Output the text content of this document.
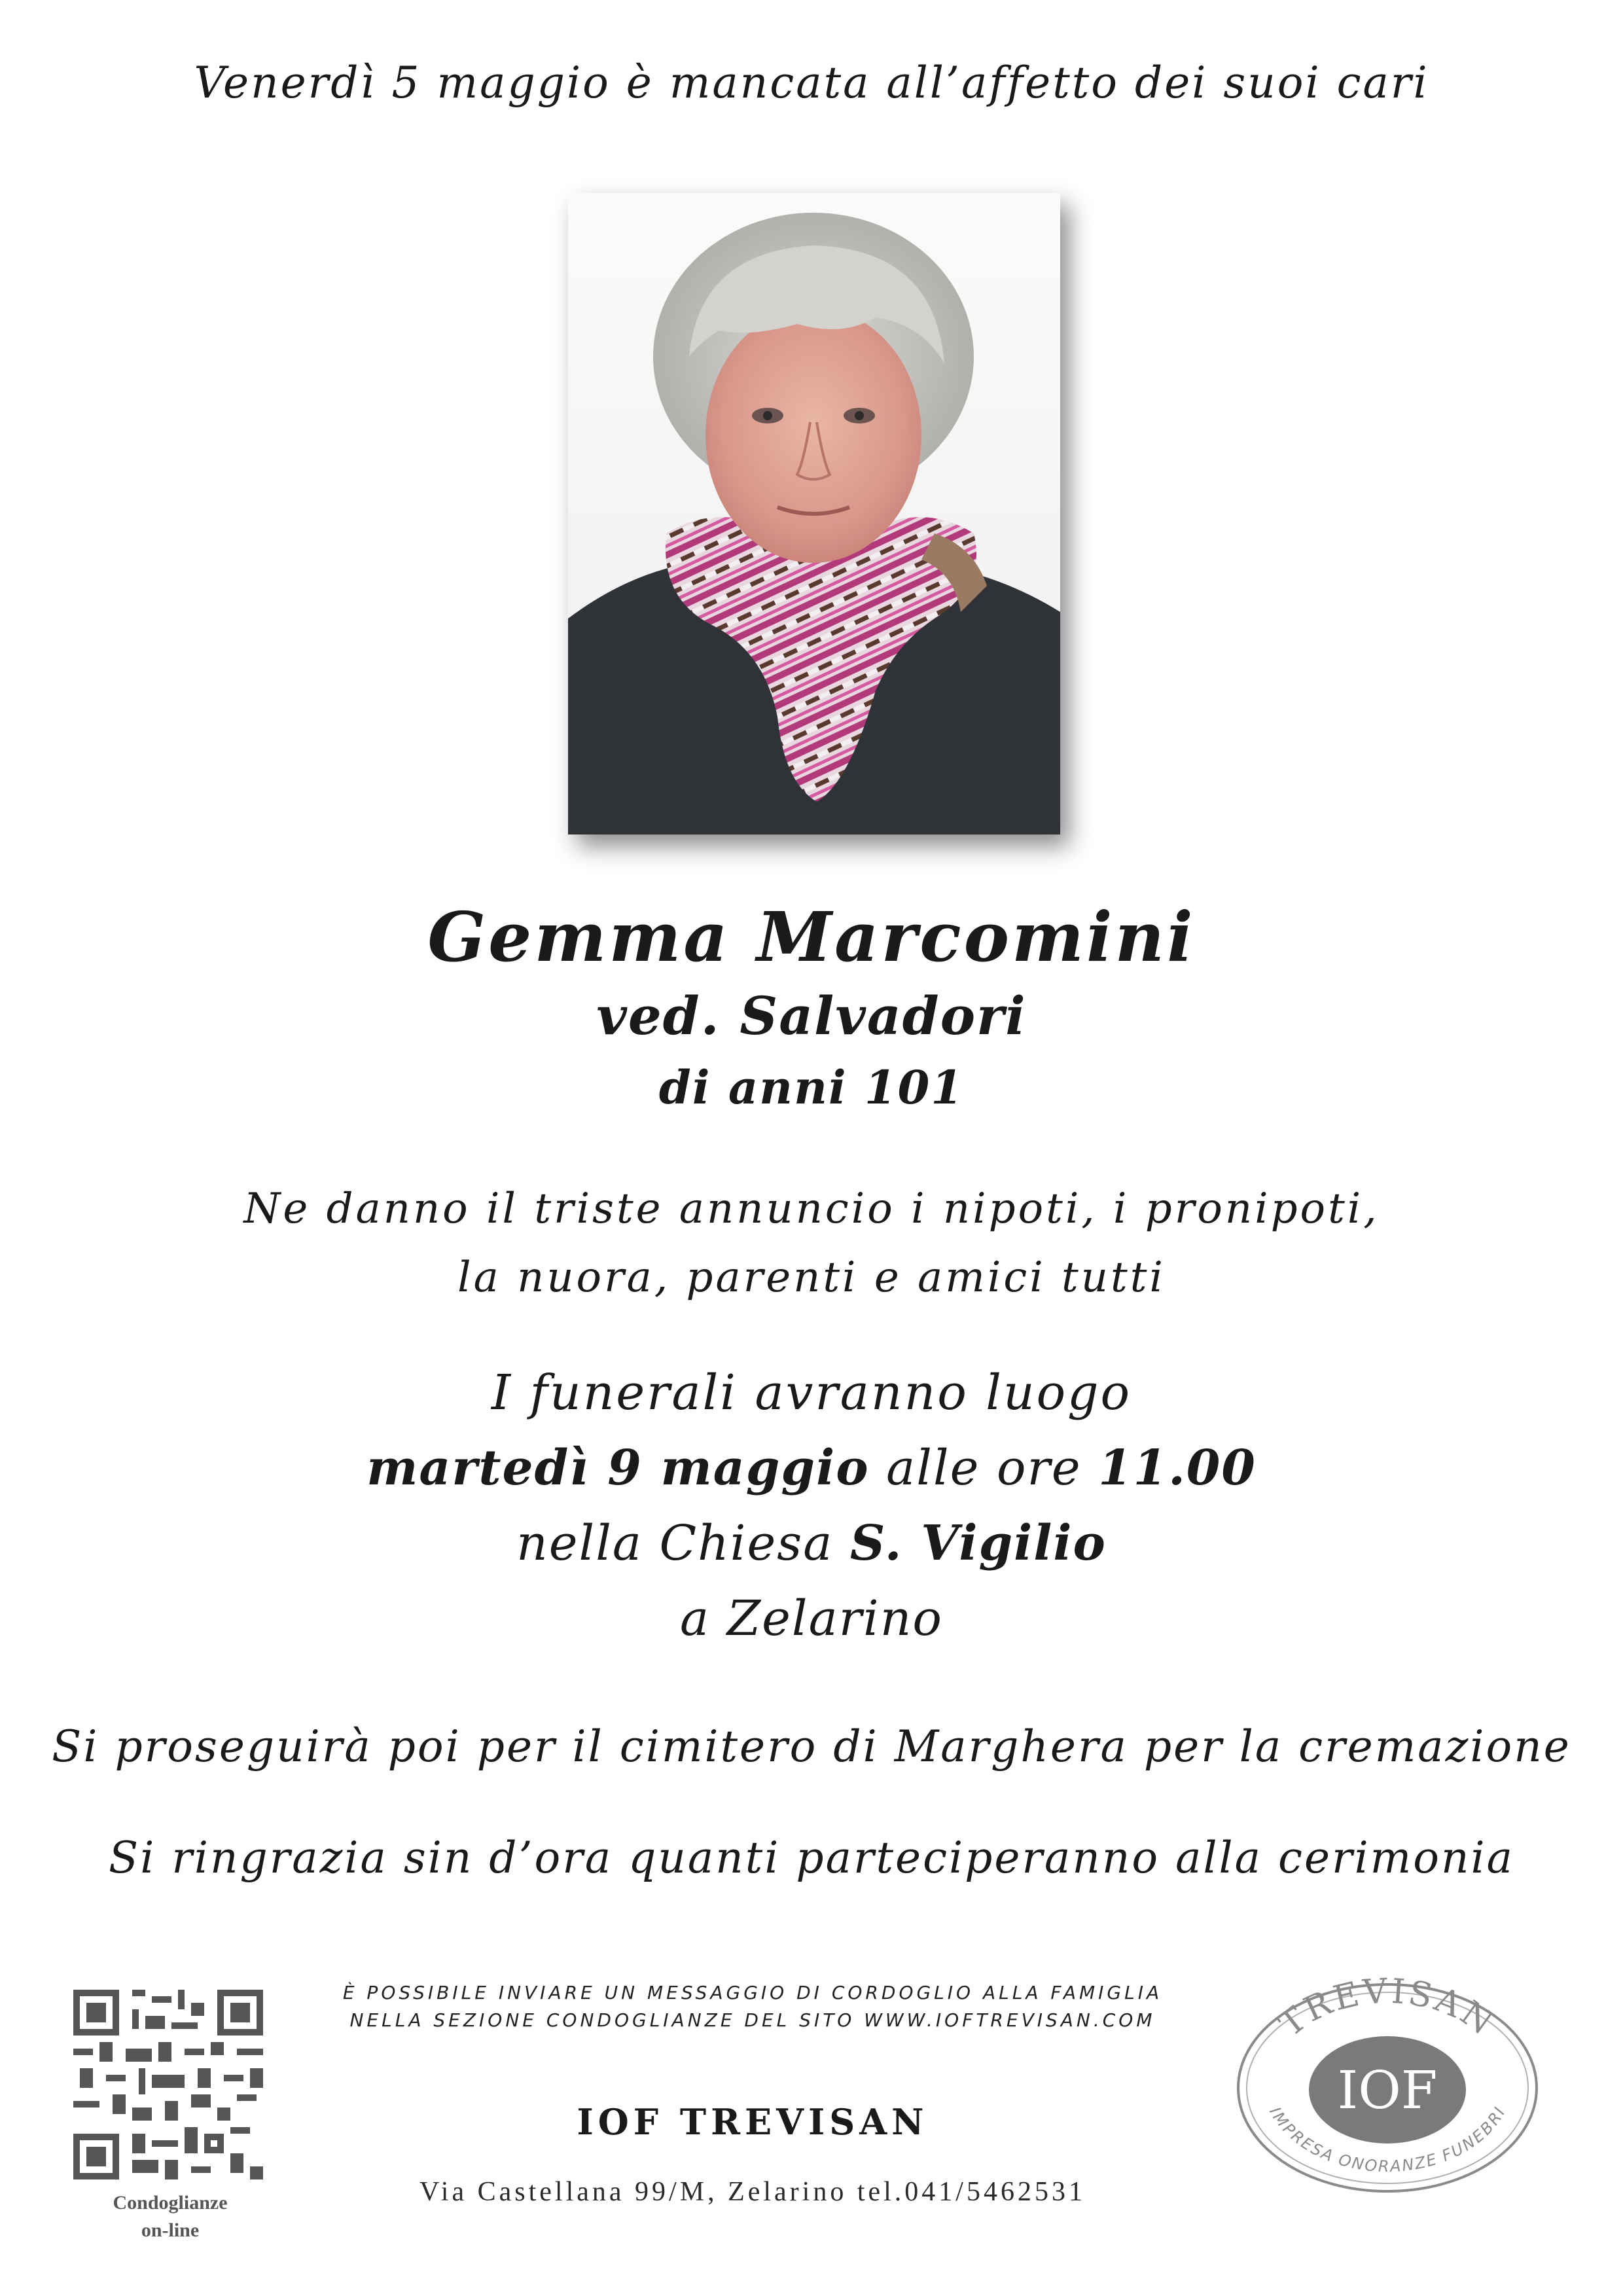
Venerdì 5 maggio è mancata all’affetto dei suoi cari
Gemma Marcomini
ved. Salvadori
di anni 101
Ne danno il triste annuncio i nipoti, i pronipoti,
la nuora, parenti e amici tutti
I funerali avranno luogo
martedì 9 maggio alle ore 11.00
nella Chiesa S. Vigilio
a Zelarino
Si proseguirà poi per il cimitero di Marghera per la cremazione
Si ringrazia sin d’ora quanti parteciperanno alla cerimonia
Condoglianze
on-line
È POSSIBILE INVIARE UN MESSAGGIO DI CORDOGLIO ALLA FAMIGLIA
NELLA SEZIONE CONDOGLIANZE DEL SITO WWW.IOFTREVISAN.COM
IOF TREVISAN
Via Castellana 99/M, Zelarino tel.041/5462531
TREVISAN
IOF
IMPRESA ONORANZE FUNEBRI
